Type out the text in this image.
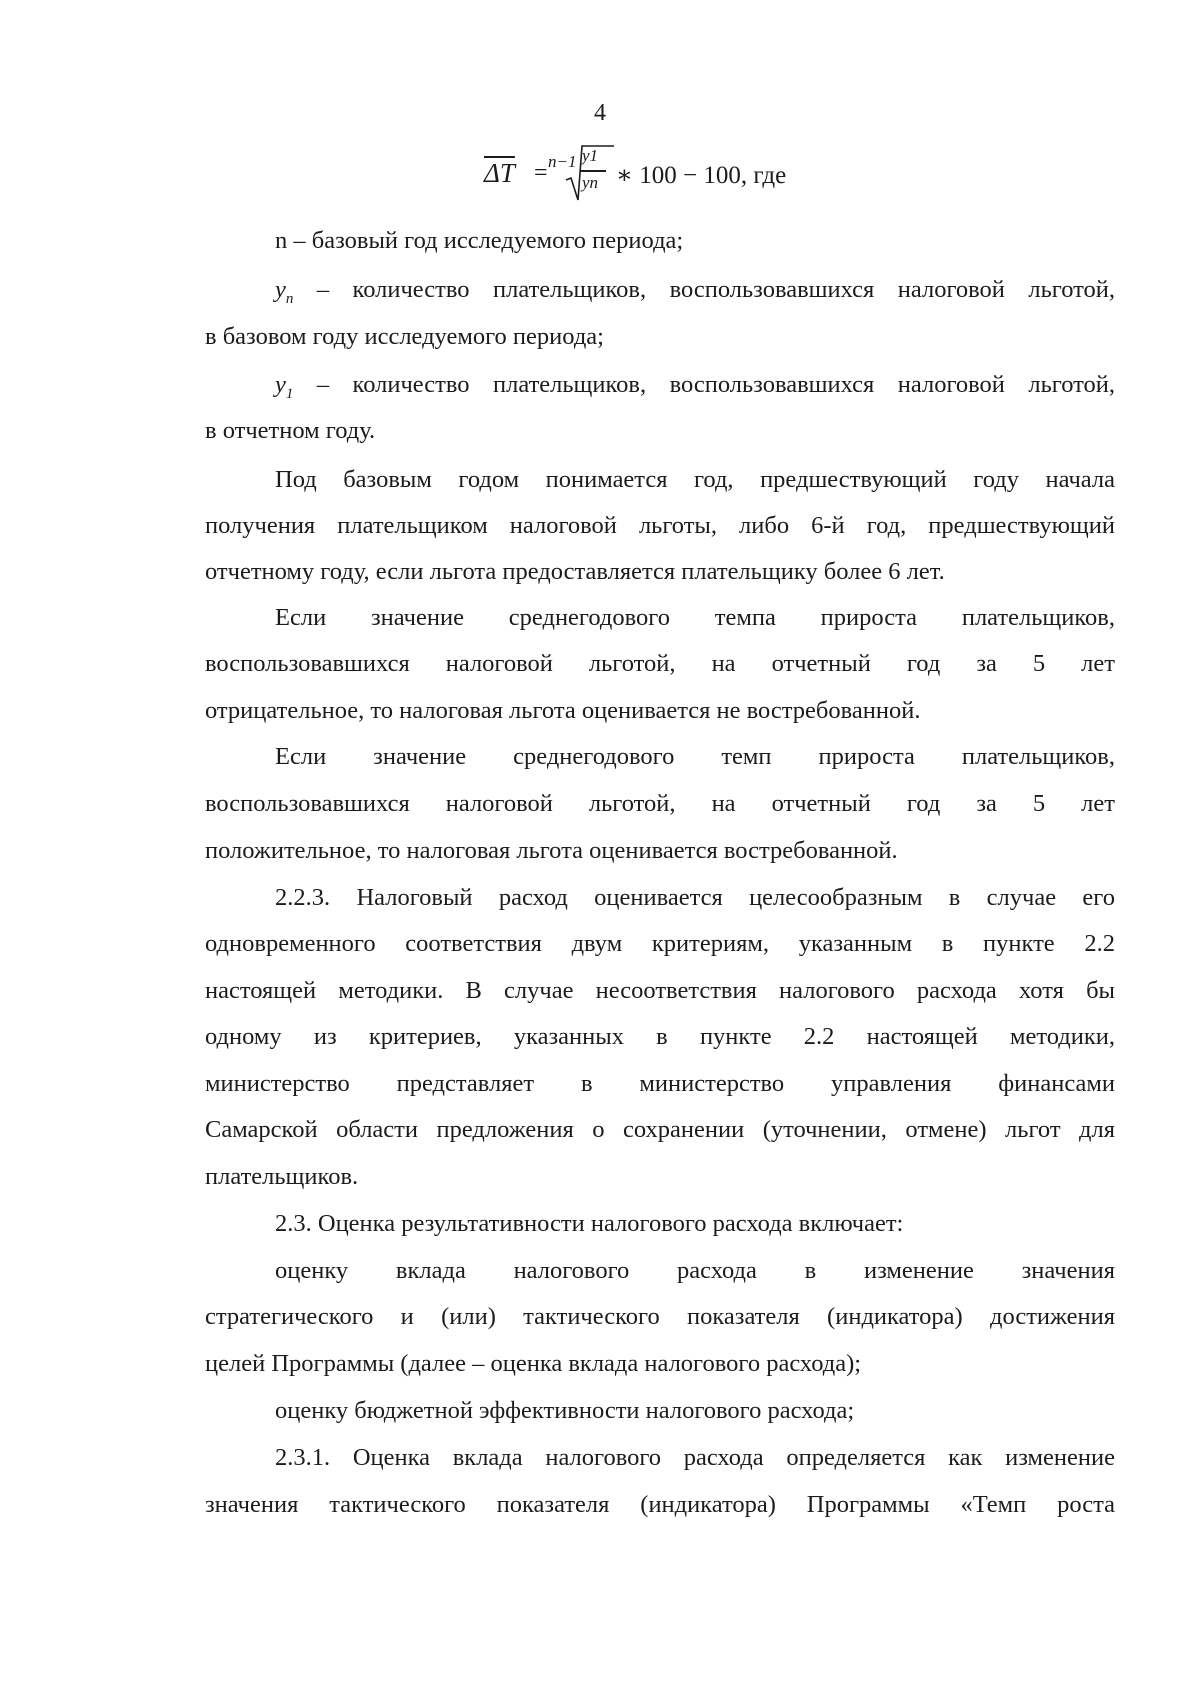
4
$\overline{\Delta T} = n-1$ y1
yn ∗ 100 − 100, где
n – базовый год исследуемого периода;
$y_n$ – количество плательщиков, воспользовавшихся налоговой льготой,
в базовом году исследуемого периода;
$y_1$ – количество плательщиков, воспользовавшихся налоговой льготой,
в отчетном году.
Под базовым годом понимается год, предшествующий году начала
получения плательщиком налоговой льготы, либо 6-й год, предшествующий
отчетному году, если льгота предоставляется плательщику более 6 лет.
Если значение среднегодового темпа прироста плательщиков,
воспользовавшихся налоговой льготой, на отчетный год за 5 лет
отрицательное, то налоговая льгота оценивается не востребованной.
Если значение среднегодового темп прироста плательщиков,
воспользовавшихся налоговой льготой, на отчетный год за 5 лет
положительное, то налоговая льгота оценивается востребованной.
2.2.3. Налоговый расход оценивается целесообразным в случае его
одновременного соответствия двум критериям, указанным в пункте 2.2
настоящей методики. В случае несоответствия налогового расхода хотя бы
одному из критериев, указанных в пункте 2.2 настоящей методики,
министерство представляет в министерство управления финансами
Самарской области предложения о сохранении (уточнении, отмене) льгот для
плательщиков.
2.3. Оценка результативности налогового расхода включает:
оценку вклада налогового расхода в изменение значения
стратегического и (или) тактического показателя (индикатора) достижения
целей Программы (далее – оценка вклада налогового расхода);
оценку бюджетной эффективности налогового расхода;
2.3.1. Оценка вклада налогового расхода определяется как изменение
значения тактического показателя (индикатора) Программы «Темп роста
